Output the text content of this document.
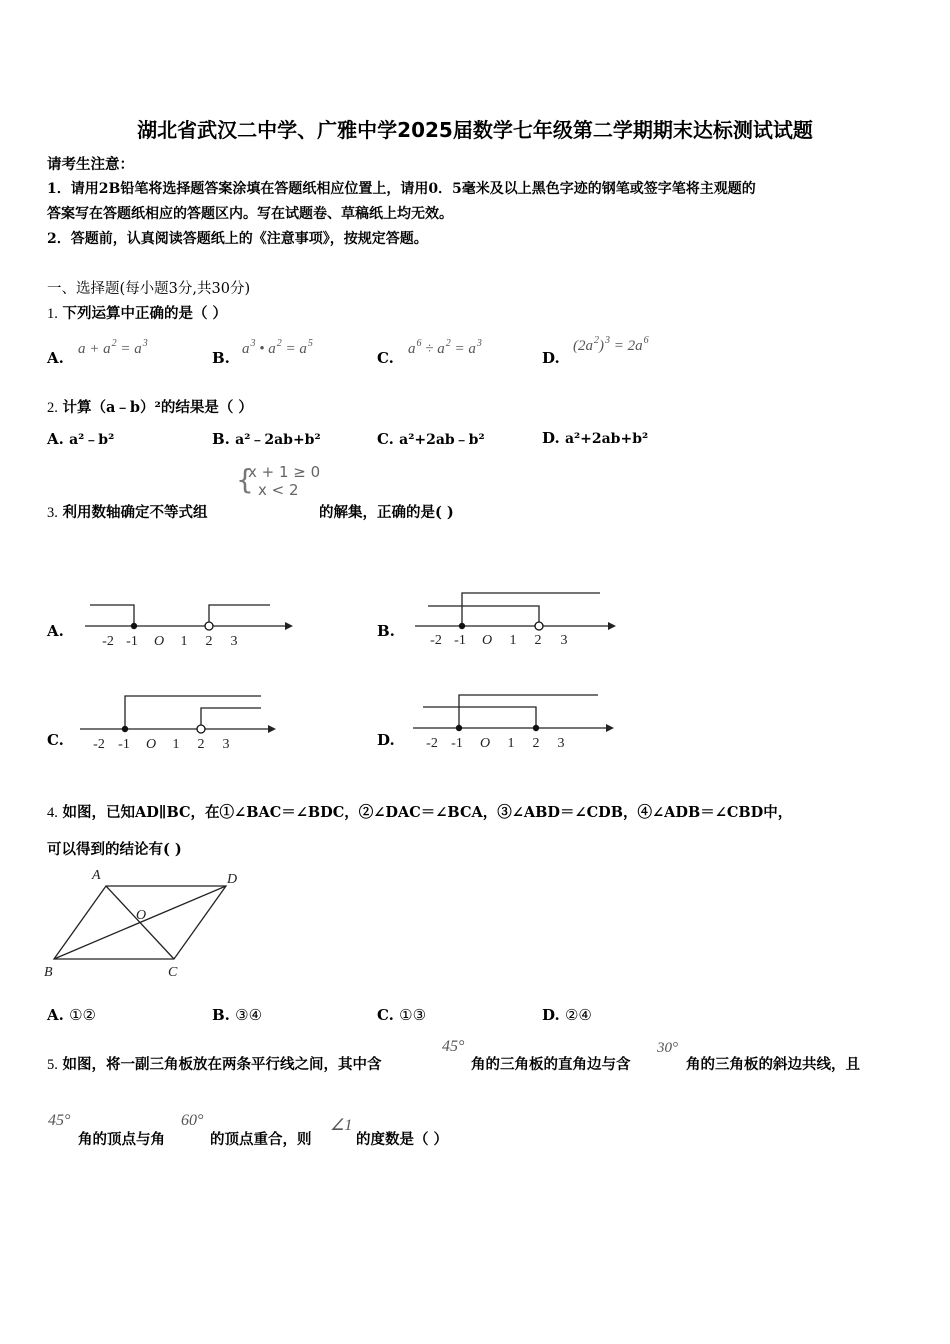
湖北省武汉二中学、广雅中学2025届数学七年级第二学期期末达标测试试题
请考生注意：
1．请用2B铅笔将选择题答案涂填在答题纸相应位置上，请用0．5毫米及以上黑色字迹的钢笔或签字笔将主观题的
答案写在答题纸相应的答题区内。写在试题卷、草稿纸上均无效。
2．答题前，认真阅读答题纸上的《注意事项》，按规定答题。
一、选择题(每小题3分,共30分)
1. 下列运算中正确的是（ ）
A. $a + a^2 = a^3$
B. $a^3$ • $a^2 = a^5$
C. $a^6 \div a^2 = a^3$
D.
$(2a^2)^3 = 2a^6$
2. 计算（a﹣b）²的结果是（ ）
A. a²﹣b²	B. a²﹣2ab+b²	C. a²+2ab﹣b²	D. a²+2ab+b²
3. 利用数轴确定不等式组
{
x + 1 ≥ 0
x < 2
的解集，正确的是( )
A.	B.
C.	D.
-2 -1 O 1 2 3	-2 -1 O 1 2 3
-2 -1 O 1 2 3	-2 -1 O 1 2 3
4. 如图，已知AD∥BC，在①∠BAC＝∠BDC，②∠DAC＝∠BCA，③∠ABD＝∠CDB，④∠ADB＝∠CBD中，
可以得到的结论有( )
A	D
O
B	C
A. ①②	B. ③④	C. ①③	D. ②④
5. 如图，将一副三角板放在两条平行线之间，其中含
45°
角的三角板的直角边与含
30°
角的三角板的斜边共线，且
45°
角的顶点与角
60°
的顶点重合，则
∠1
的度数是（ ）
